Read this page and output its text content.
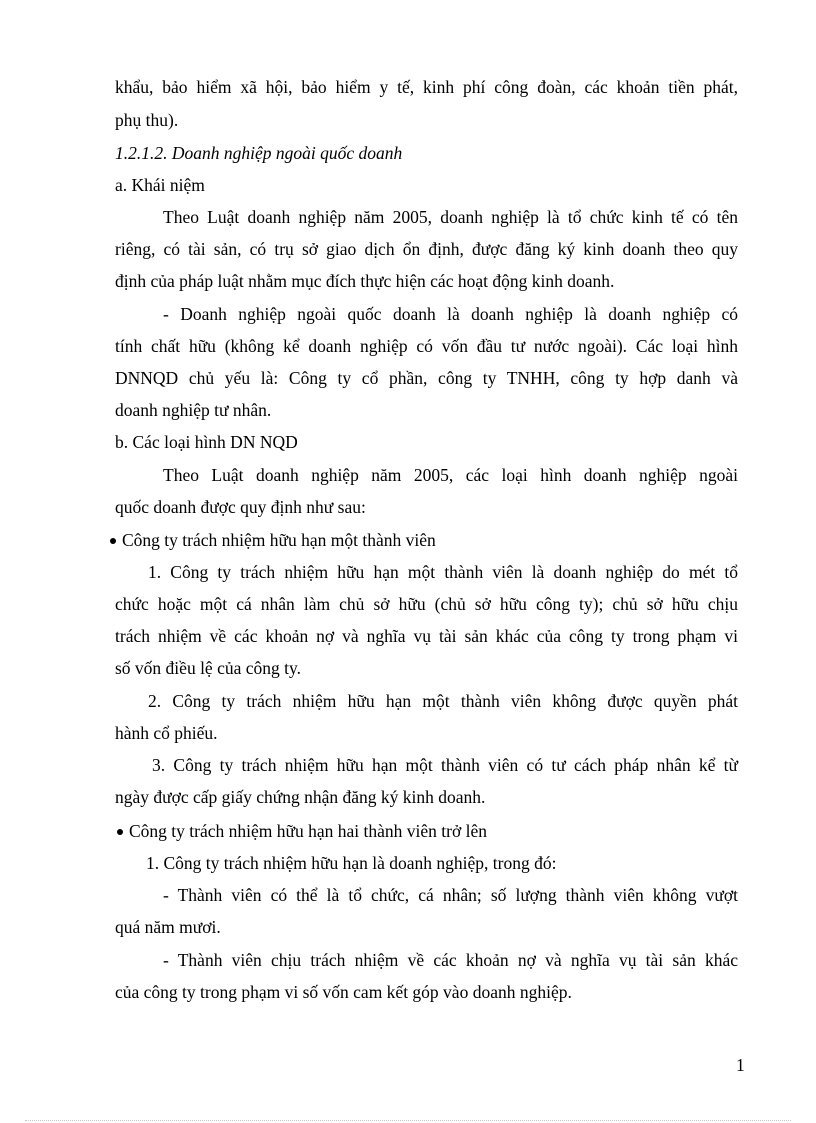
khẩu, bảo hiểm xã hội, bảo hiểm y tế, kinh phí công đoàn, các khoản tiền phát,
phụ thu).
1.2.1.2. Doanh nghiệp ngoài quốc doanh
a. Khái niệm
Theo Luật doanh nghiệp năm 2005, doanh nghiệp là tổ chức kinh tế có tên
riêng, có tài sản, có trụ sở giao dịch ổn định, được đăng ký kinh doanh theo quy
định của pháp luật nhằm mục đích thực hiện các hoạt động kinh doanh.
- Doanh nghiệp ngoài quốc doanh là doanh nghiệp là doanh nghiệp có
tính chất hữu (không kể doanh nghiệp có vốn đầu tư nước ngoài). Các loại hình
DNNQD chủ yếu là: Công ty cổ phần, công ty TNHH, công ty hợp danh và
doanh nghiệp tư nhân.
b. Các loại hình DN NQD
Theo Luật doanh nghiệp năm 2005, các loại hình doanh nghiệp ngoài
quốc doanh được quy định như sau:
Công ty trách nhiệm hữu hạn một thành viên
1. Công ty trách nhiệm hữu hạn một thành viên là doanh nghiệp do mét tổ
chức hoặc một cá nhân làm chủ sở hữu (chủ sở hữu công ty); chủ sở hữu chịu
trách nhiệm về các khoản nợ và nghĩa vụ tài sản khác của công ty trong phạm vi
số vốn điều lệ của công ty.
2. Công ty trách nhiệm hữu hạn một thành viên không được quyền phát
hành cổ phiếu.
3. Công ty trách nhiệm hữu hạn một thành viên có tư cách pháp nhân kể từ
ngày được cấp giấy chứng nhận đăng ký kinh doanh.
Công ty trách nhiệm hữu hạn hai thành viên trở lên
1. Công ty trách nhiệm hữu hạn là doanh nghiệp, trong đó:
- Thành viên có thể là tổ chức, cá nhân; số lượng thành viên không vượt
quá năm mươi.
- Thành viên chịu trách nhiệm về các khoản nợ và nghĩa vụ tài sản khác
của công ty trong phạm vi số vốn cam kết góp vào doanh nghiệp.
1
